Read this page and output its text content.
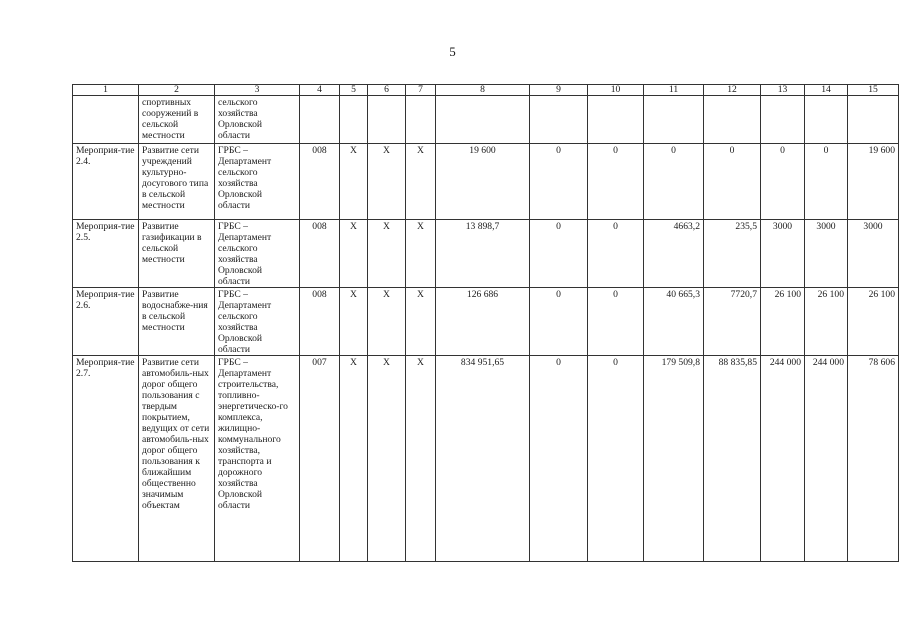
5
1	2	3	4	5	6	7	8	9	10	11	12	13	14	15
	спортивных сооружений в сельской местности	сельского хозяйства Орловской области												
Мероприя-тие 2.4.	Развитие сети учреждений культурно-досугового типа в сельской местности	ГРБС – Департамент сельского хозяйства Орловской области	008	X	X	X	19 600	0	0	0	0	0	0	19 600
Мероприя-тие 2.5.	Развитие газификации в сельской местности	ГРБС – Департамент сельского хозяйства Орловской области	008	X	X	X	13 898,7	0	0	4663,2	235,5	3000	3000	3000
Мероприя-тие 2.6.	Развитие водоснабже-ния в сельской местности	ГРБС – Департамент сельского хозяйства Орловской области	008	X	X	X	126 686	0	0	40 665,3	7720,7	26 100	26 100	26 100
Мероприя-тие 2.7.	Развитие сети автомобиль-ных дорог общего пользования с твердым покрытием, ведущих от сети автомобиль-ных дорог общего пользования к ближайшим общественно значимым объектам	ГРБС – Департамент строительства, топливно-энергетическо-го комплекса, жилищно-коммунального хозяйства, транспорта и дорожного хозяйства Орловской области	007	X	X	X	834 951,65	0	0	179 509,8	88 835,85	244 000	244 000	78 606
